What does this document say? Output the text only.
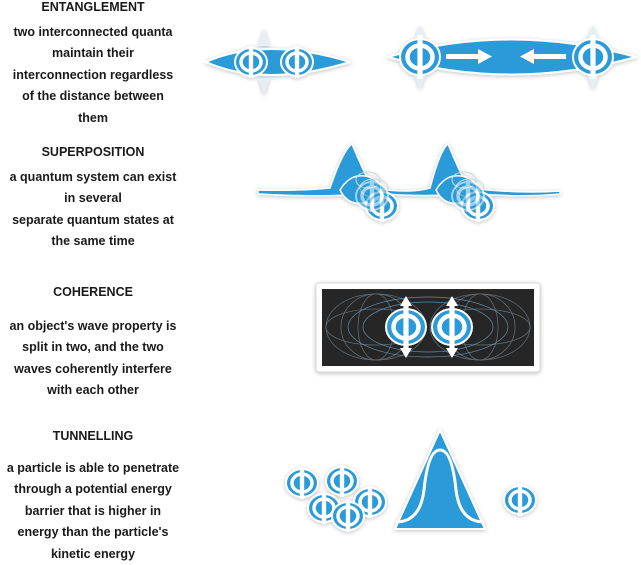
ENTANGLEMENT
two interconnected quanta
maintain their
interconnection regardless
of the distance between
them
SUPERPOSITION
a quantum system can exist
in several
separate quantum states at
the same time
COHERENCE
an object's wave property is
split in two, and the two
waves coherently interfere
with each other
TUNNELLING
a particle is able to penetrate
through a potential energy
barrier that is higher in
energy than the particle's
kinetic energy
